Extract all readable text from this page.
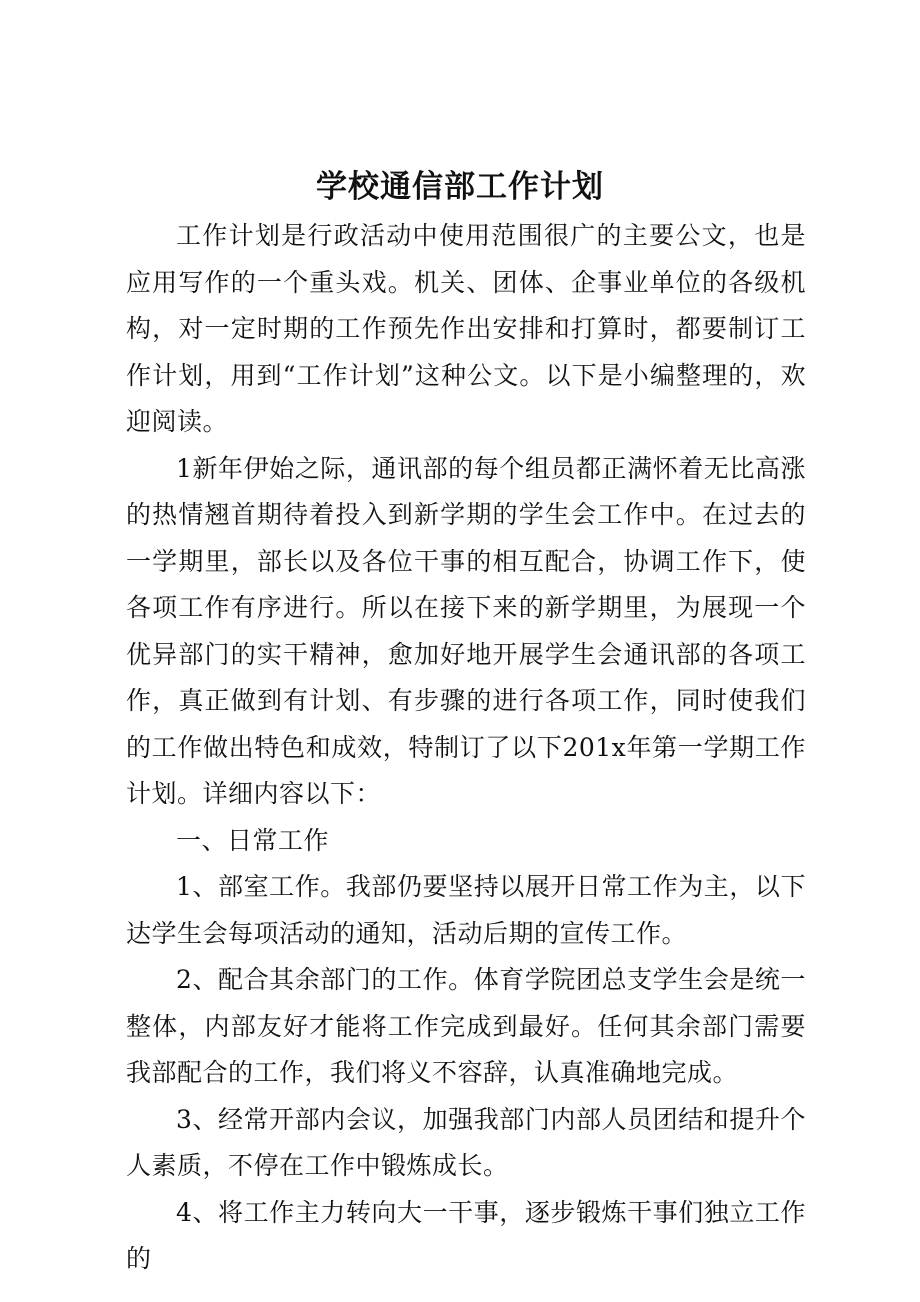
学校通信部工作计划

工作计划是行政活动中使用范围很广的主要公文，也是应用写作的一个重头戏。机关、团体、企事业单位的各级机构，对一定时期的工作预先作出安排和打算时，都要制订工作计划，用到“工作计划”这种公文。以下是小编整理的，欢迎阅读。

1新年伊始之际，通讯部的每个组员都正满怀着无比高涨的热情翘首期待着投入到新学期的学生会工作中。在过去的一学期里，部长以及各位干事的相互配合，协调工作下，使各项工作有序进行。所以在接下来的新学期里，为展现一个优异部门的实干精神，愈加好地开展学生会通讯部的各项工作，真正做到有计划、有步骤的进行各项工作，同时使我们的工作做出特色和成效，特制订了以下201x年第一学期工作计划。详细内容以下：

一、日常工作

1、部室工作。我部仍要坚持以展开日常工作为主，以下达学生会每项活动的通知，活动后期的宣传工作。

2、配合其余部门的工作。体育学院团总支学生会是统一整体，内部友好才能将工作完成到最好。任何其余部门需要我部配合的工作，我们将义不容辞，认真准确地完成。

3、经常开部内会议，加强我部门内部人员团结和提升个人素质，不停在工作中锻炼成长。

4、将工作主力转向大一干事，逐步锻炼干事们独立工作的
